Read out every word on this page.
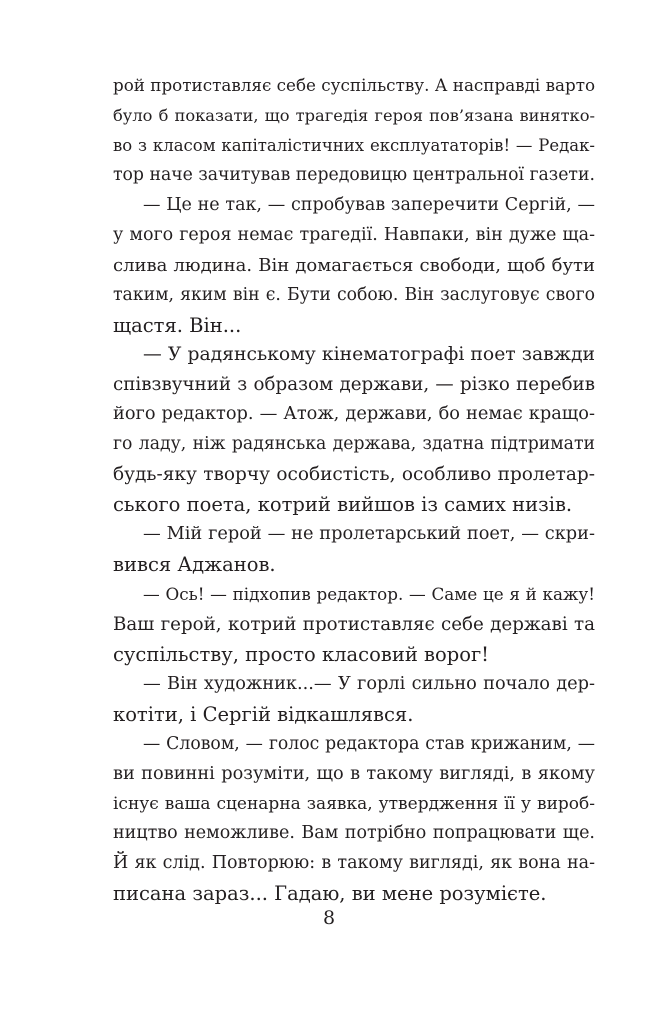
рой протиставляє себе суспільству. А насправді варто
було б показати, що трагедія героя пов’язана винятко-
во з класом капіталістичних експлуататорів! — Редак-
тор наче зачитував передовицю центральної газети.
— Це не так, — спробував заперечити Сергій, —
у мого героя немає трагедії. Навпаки, він дуже ща-
слива людина. Він домагається свободи, щоб бути
таким, яким він є. Бути собою. Він заслуговує свого
щастя. Він...
— У радянському кінематографі поет завжди
співзвучний з образом держави, — різко перебив
його редактор. — Атож, держави, бо немає кращо-
го ладу, ніж радянська держава, здатна підтримати
будь-яку творчу особистість, особливо пролетар-
ського поета, котрий вийшов із самих низів.
— Мій герой — не пролетарський поет, — скри-
вився Аджанов.
— Ось! — підхопив редактор. — Саме це я й кажу!
Ваш герой, котрий протиставляє себе державі та
суспільству, просто класовий ворог!
— Він художник...— У горлі сильно почало дер-
котіти, і Сергій відкашлявся.
— Словом, — голос редактора став крижаним, —
ви повинні розуміти, що в такому вигляді, в якому
існує ваша сценарна заявка, утвердження її у вироб-
ництво неможливе. Вам потрібно попрацювати ще.
Й як слід. Повторюю: в такому вигляді, як вона на-
писана зараз... Гадаю, ви мене розумієте.
8
